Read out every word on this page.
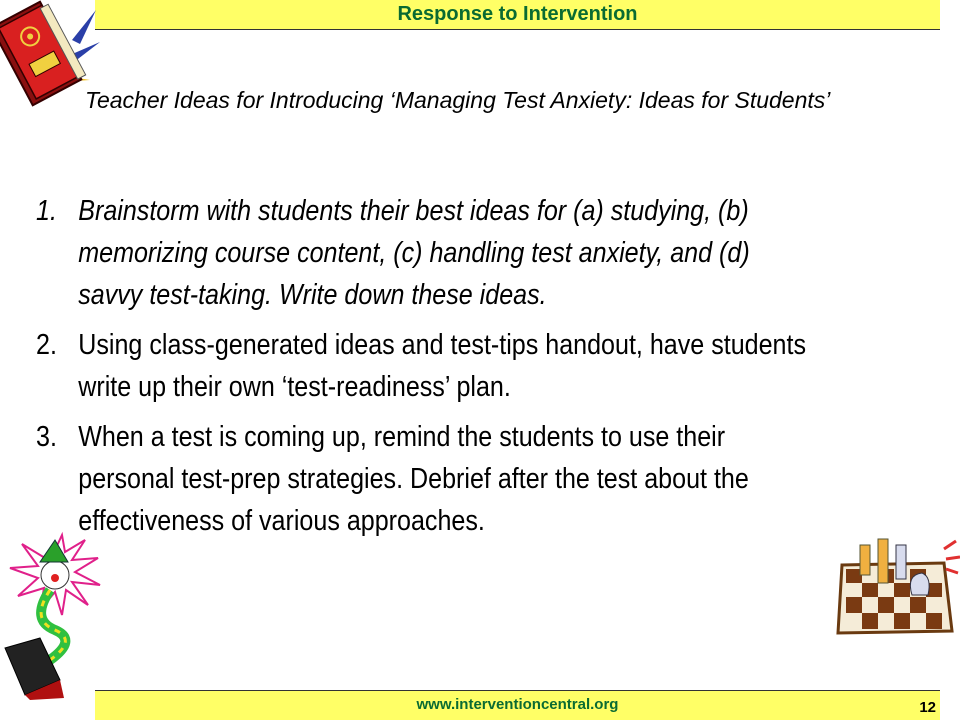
Response to Intervention

Teacher Ideas for Introducing ‘Managing Test Anxiety: Ideas for Students’

1. Brainstorm with students their best ideas for (a) studying, (b) memorizing course content, (c) handling test anxiety, and (d) savvy test-taking. Write down these ideas.
2. Using class-generated ideas and test-tips handout, have students write up their own ‘test-readiness’ plan.
3. When a test is coming up, remind the students to use their personal test-prep strategies. Debrief after the test about the effectiveness of various approaches.
www.interventioncentral.org	12
